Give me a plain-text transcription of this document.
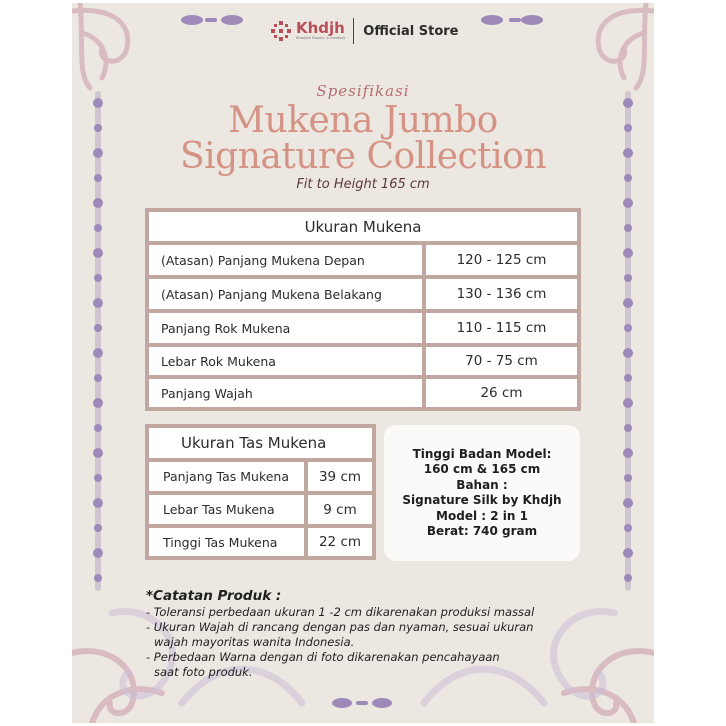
Khdjh
Khadijah Beauty in modesty Official Store
Spesifikasi
Mukena Jumbo
Signature Collection
Fit to Height 165 cm
Ukuran Mukena
(Atasan) Panjang Mukena Depan	120 - 125 cm
(Atasan) Panjang Mukena Belakang	130 - 136 cm
Panjang Rok Mukena	110 - 115 cm
Lebar Rok Mukena	70 - 75 cm
Panjang Wajah	26 cm
Ukuran Tas Mukena
Panjang Tas Mukena	39 cm
Lebar Tas Mukena	9 cm
Tinggi Tas Mukena	22 cm
Tinggi Badan Model:
160 cm & 165 cm
Bahan :
Signature Silk by Khdjh
Model : 2 in 1
Berat: 740 gram
*Catatan Produk :
- Toleransi perbedaan ukuran 1 -2 cm dikarenakan produksi massal
- Ukuran Wajah di rancang dengan pas dan nyaman, sesuai ukuran
wajah mayoritas wanita Indonesia.
- Perbedaan Warna dengan di foto dikarenakan pencahayaan
saat foto produk.
